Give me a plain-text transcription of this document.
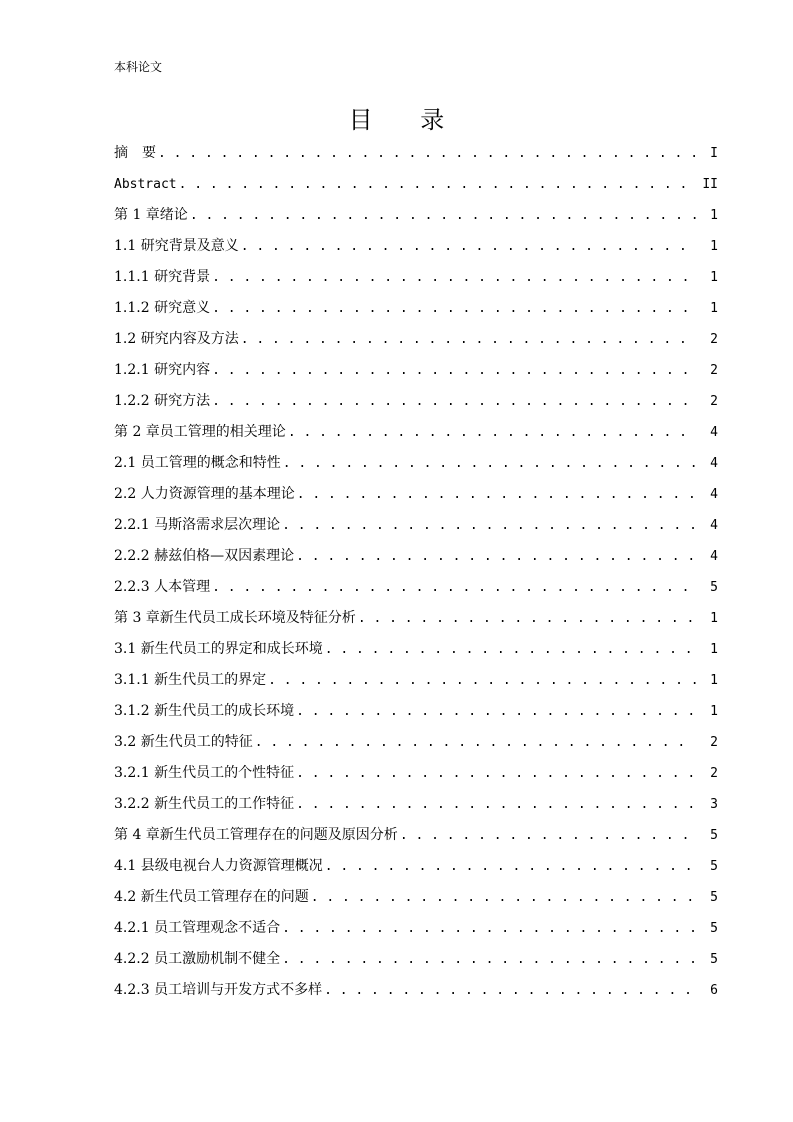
本科论文
目 录
摘　要 . . .	I
Abstract . . .	II
第 1 章绪论 . . .	1
1.1 研究背景及意义 . . .	1
1.1.1 研究背景 . . .	1
1.1.2 研究意义 . . .	1
1.2 研究内容及方法 . . .	2
1.2.1 研究内容 . . .	2
1.2.2 研究方法 . . .	2
第 2 章员工管理的相关理论 . . .	4
2.1 员工管理的概念和特性 . . .	4
2.2 人力资源管理的基本理论 . . .	4
2.2.1 马斯洛需求层次理论 . . .	4
2.2.2 赫兹伯格—双因素理论 . . .	4
2.2.3 人本管理 . . .	5
第 3 章新生代员工成长环境及特征分析 . . .	1
3.1 新生代员工的界定和成长环境 . . .	1
3.1.1 新生代员工的界定 . . .	1
3.1.2 新生代员工的成长环境 . . .	1
3.2 新生代员工的特征 . . .	2
3.2.1 新生代员工的个性特征 . . .	2
3.2.2 新生代员工的工作特征 . . .	3
第 4 章新生代员工管理存在的问题及原因分析 . . .	5
4.1 县级电视台人力资源管理概况 . . .	5
4.2 新生代员工管理存在的问题 . . .	5
4.2.1 员工管理观念不适合 . . .	5
4.2.2 员工激励机制不健全 . . .	5
4.2.3 员工培训与开发方式不多样 . . .	6
